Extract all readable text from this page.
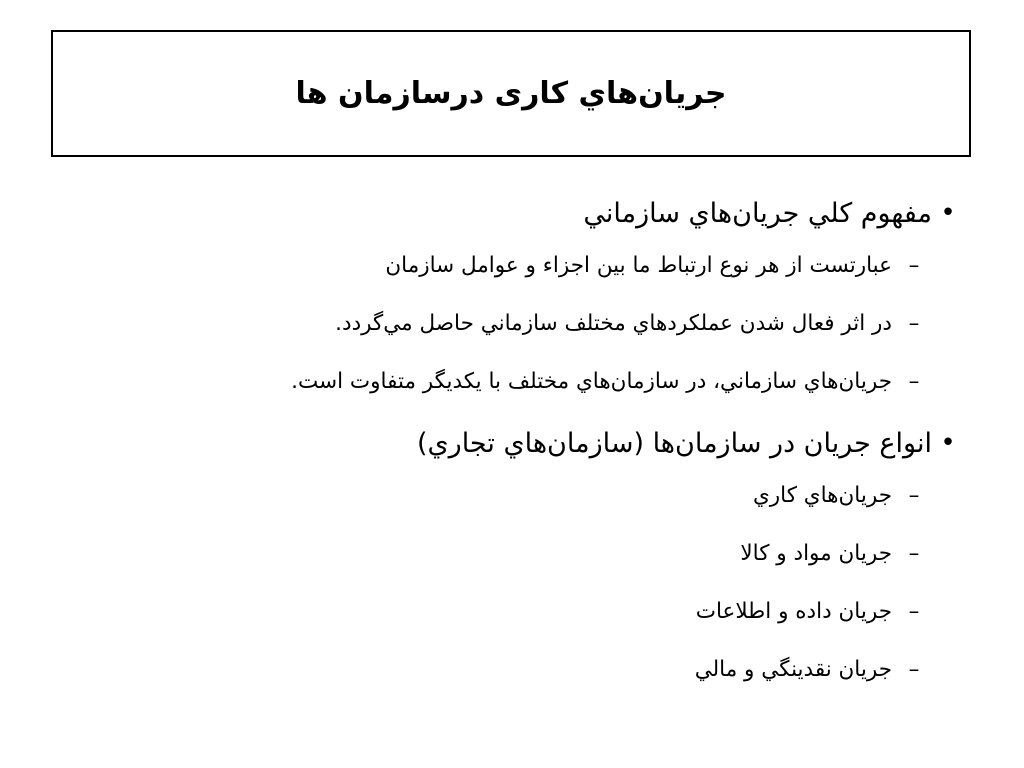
جريان‌هاي كاری درسازمان ها
•
مفهوم كلي جريان‌هاي سازماني
–
عبارتست از هر نوع ارتباط ما بين اجزاء و عوامل سازمان
–
در اثر فعال شدن عملكردهاي مختلف سازماني حاصل مي‌گردد.
–
جريان‌هاي سازماني، در سازمان‌هاي مختلف با يكديگر متفاوت است.
•
انواع جريان در سازمان‌ها (سازمان‌هاي تجاري)
–
جريان‌هاي كاري
–
جريان مواد و كالا
–
جريان داده و اطلاعات
–
جريان نقدينگي و مالي
